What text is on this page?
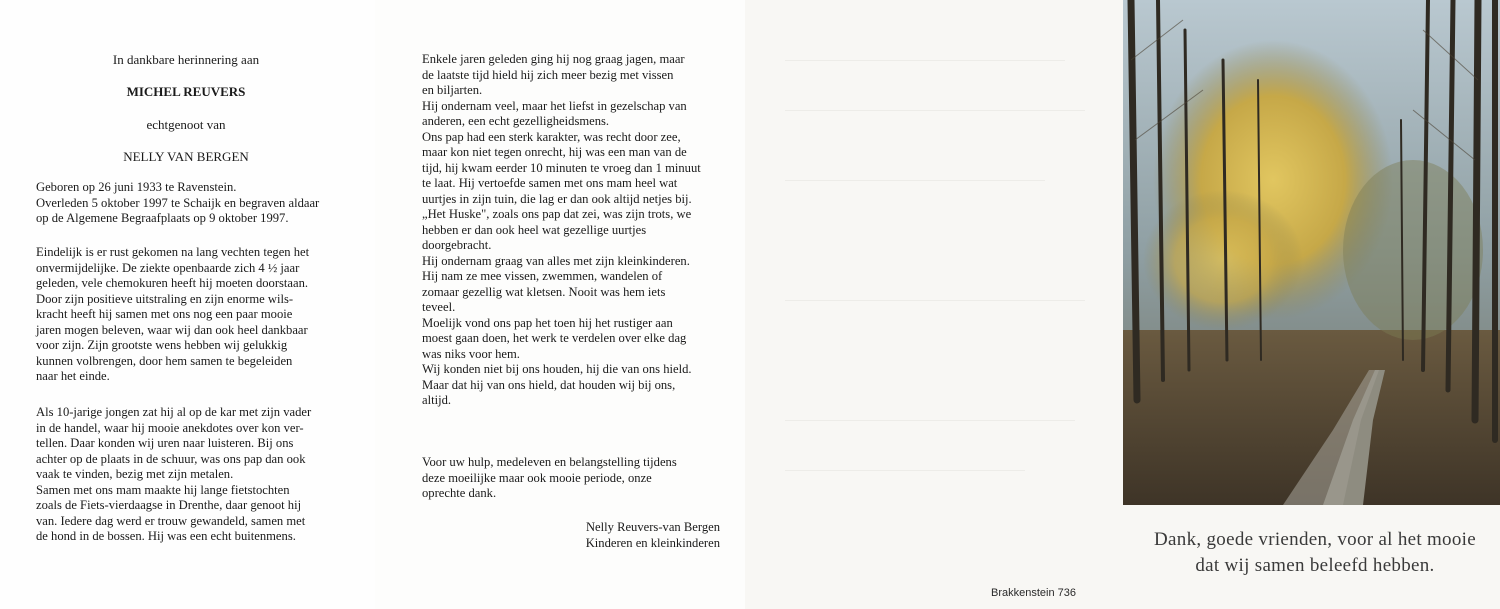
In dankbare herinnering aan
MICHEL REUVERS
echtgenoot van
NELLY VAN BERGEN

Geboren op 26 juni 1933 te Ravenstein.
Overleden 5 oktober 1997 te Schaijk en begraven aldaar
op de Algemene Begraafplaats op 9 oktober 1997.

Eindelijk is er rust gekomen na lang vechten tegen het
onvermijdelijke. De ziekte openbaarde zich 4 ½ jaar
geleden, vele chemokuren heeft hij moeten doorstaan.
Door zijn positieve uitstraling en zijn enorme wils-
kracht heeft hij samen met ons nog een paar mooie
jaren mogen beleven, waar wij dan ook heel dankbaar
voor zijn. Zijn grootste wens hebben wij gelukkig
kunnen volbrengen, door hem samen te begeleiden
naar het einde.

Als 10-jarige jongen zat hij al op de kar met zijn vader
in de handel, waar hij mooie anekdotes over kon ver-
tellen. Daar konden wij uren naar luisteren. Bij ons
achter op de plaats in de schuur, was ons pap dan ook
vaak te vinden, bezig met zijn metalen.
Samen met ons mam maakte hij lange fietstochten
zoals de Fiets-vierdaagse in Drenthe, daar genoot hij
van. Iedere dag werd er trouw gewandeld, samen met
de hond in de bossen. Hij was een echt buitenmens.

Enkele jaren geleden ging hij nog graag jagen, maar
de laatste tijd hield hij zich meer bezig met vissen
en biljarten.
Hij ondernam veel, maar het liefst in gezelschap van
anderen, een echt gezelligheidsmens.
Ons pap had een sterk karakter, was recht door zee,
maar kon niet tegen onrecht, hij was een man van de
tijd, hij kwam eerder 10 minuten te vroeg dan 1 minuut
te laat. Hij vertoefde samen met ons mam heel wat
uurtjes in zijn tuin, die lag er dan ook altijd netjes bij.
„Het Huske", zoals ons pap dat zei, was zijn trots, we
hebben er dan ook heel wat gezellige uurtjes
doorgebracht.
Hij ondernam graag van alles met zijn kleinkinderen.
Hij nam ze mee vissen, zwemmen, wandelen of
zomaar gezellig wat kletsen. Nooit was hem iets
teveel.
Moelijk vond ons pap het toen hij het rustiger aan
moest gaan doen, het werk te verdelen over elke dag
was niks voor hem.
Wij konden niet bij ons houden, hij die van ons hield.
Maar dat hij van ons hield, dat houden wij bij ons,
altijd.

Voor uw hulp, medeleven en belangstelling tijdens
deze moeilijke maar ook mooie periode, onze
oprechte dank.

Nelly Reuvers-van Bergen
Kinderen en kleinkinderen	Dank, goede vrienden, voor al het mooie
dat wij samen beleefd hebben.
Brakkenstein 736
